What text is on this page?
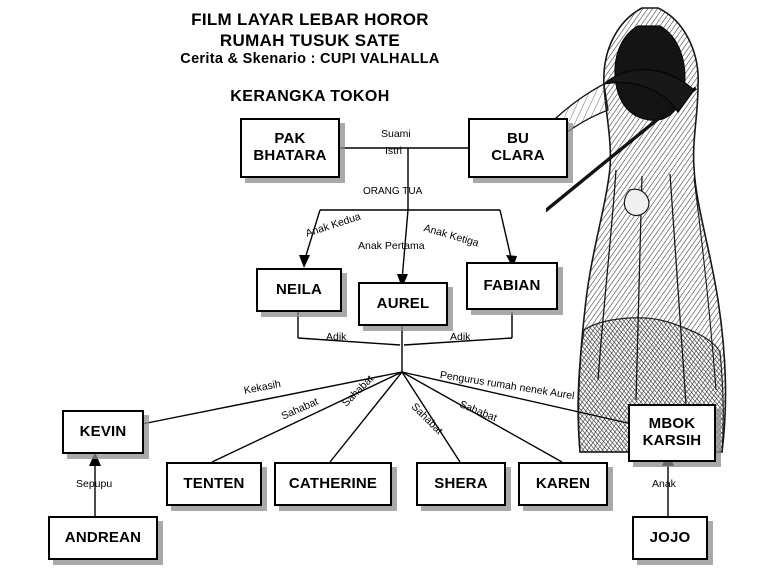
FILM LAYAR LEBAR HOROR
RUMAH TUSUK SATE
Cerita & Skenario : CUPI VALHALLA
KERANGKA TOKOH
PAK
BHATARA
BU
CLARA
NEILA
AUREL
FABIAN
KEVIN
ANDREAN
TENTEN	CATHERINE	SHERA	KAREN
MBOK
KARSIH
JOJO
Suami
Istri
ORANG TUA
Anak Kedua
Anak Pertama
Anak Ketiga
Adik	Adik
Kekasih
Sahabat Sahabat
Sahabat Sahabat
Pengurus rumah nenek Aurel
Sepupu	Anak
